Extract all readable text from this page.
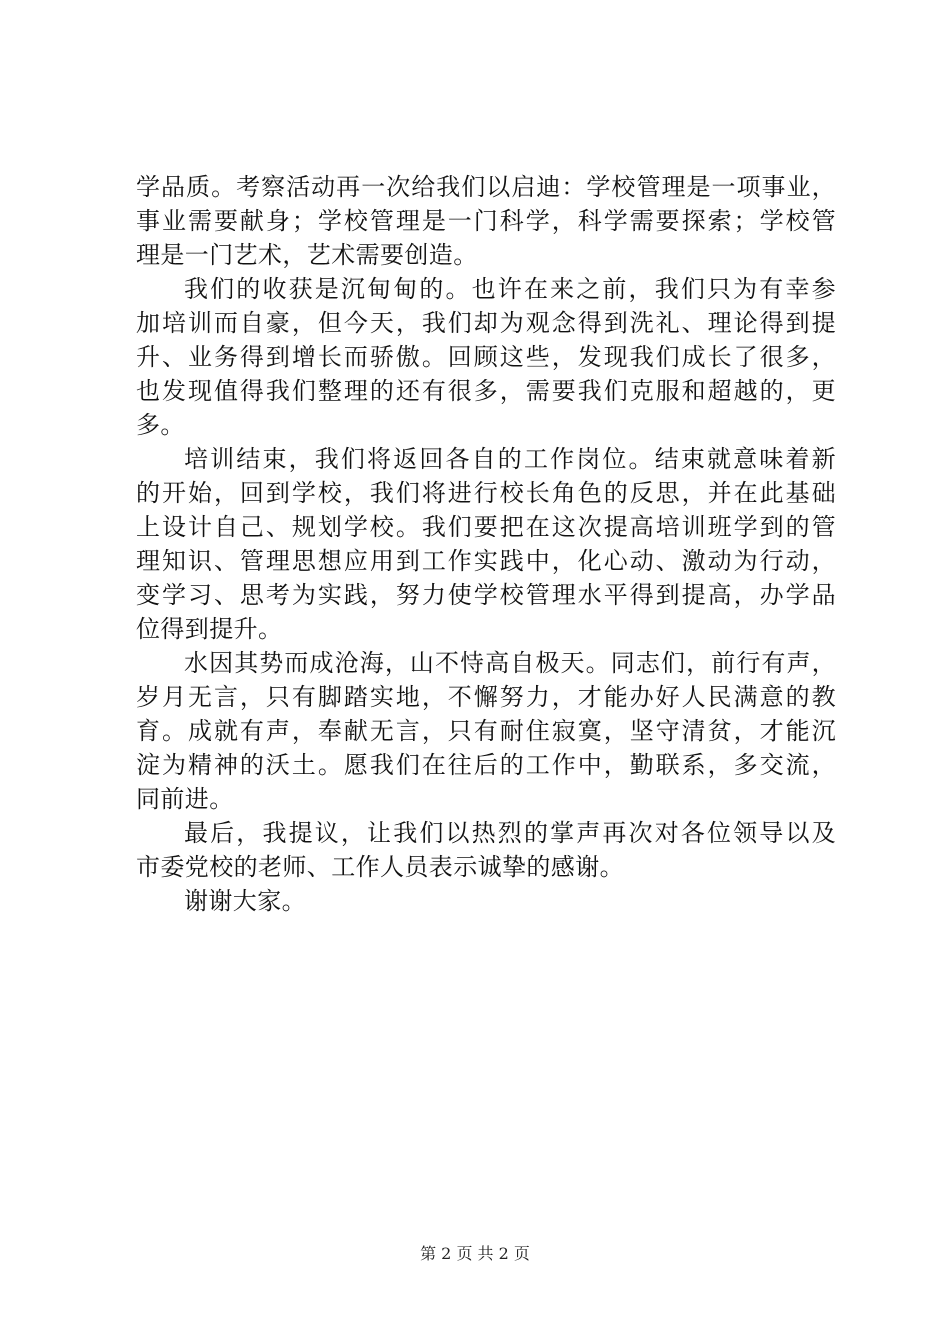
学品质。考察活动再一次给我们以启迪：学校管理是一项事业，
事业需要献身；学校管理是一门科学，科学需要探索；学校管
理是一门艺术，艺术需要创造。
我们的收获是沉甸甸的。也许在来之前，我们只为有幸参
加培训而自豪，但今天，我们却为观念得到洗礼、理论得到提
升、业务得到增长而骄傲。回顾这些，发现我们成长了很多，
也发现值得我们整理的还有很多，需要我们克服和超越的，更
多。
培训结束，我们将返回各自的工作岗位。结束就意味着新
的开始，回到学校，我们将进行校长角色的反思，并在此基础
上设计自己、规划学校。我们要把在这次提高培训班学到的管
理知识、管理思想应用到工作实践中，化心动、激动为行动，
变学习、思考为实践，努力使学校管理水平得到提高，办学品
位得到提升。
水因其势而成沧海，山不恃高自极天。同志们，前行有声，
岁月无言，只有脚踏实地，不懈努力，才能办好人民满意的教
育。成就有声，奉献无言，只有耐住寂寞，坚守清贫，才能沉
淀为精神的沃土。愿我们在往后的工作中，勤联系，多交流，
同前进。
最后，我提议，让我们以热烈的掌声再次对各位领导以及
市委党校的老师、工作人员表示诚挚的感谢。
谢谢大家。
第 2 页 共 2 页
